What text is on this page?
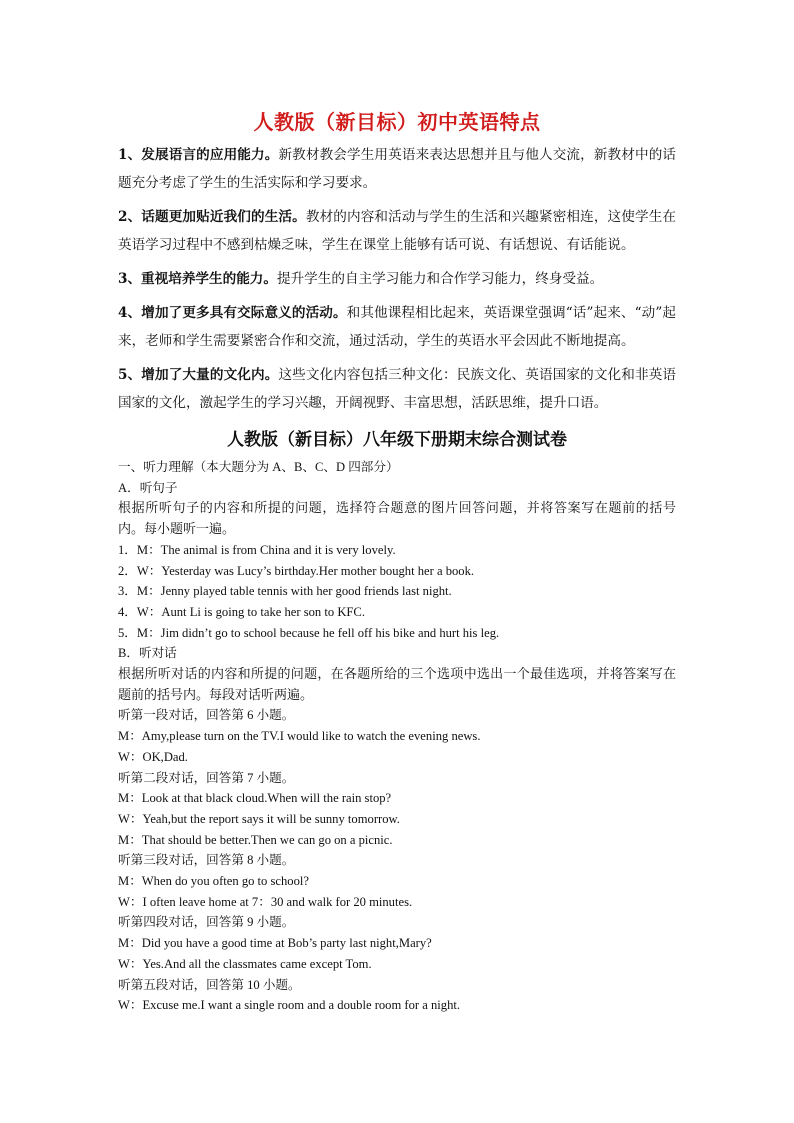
人教版（新目标）初中英语特点

1、发展语言的应用能力。新教材教会学生用英语来表达思想并且与他人交流，新教材中的话题充分考虑了学生的生活实际和学习要求。

2、话题更加贴近我们的生活。教材的内容和活动与学生的生活和兴趣紧密相连，这使学生在英语学习过程中不感到枯燥乏味，学生在课堂上能够有话可说、有话想说、有话能说。

3、重视培养学生的能力。提升学生的自主学习能力和合作学习能力，终身受益。

4、增加了更多具有交际意义的活动。和其他课程相比起来，英语课堂强调“话”起来、“动”起来，老师和学生需要紧密合作和交流，通过活动，学生的英语水平会因此不断地提高。

5、增加了大量的文化内。这些文化内容包括三种文化：民族文化、英语国家的文化和非英语国家的文化，激起学生的学习兴趣，开阔视野、丰富思想，活跃思维，提升口语。

人教版（新目标）八年级下册期末综合测试卷

一、听力理解（本大题分为 A、B、C、D 四部分）

A．听句子

根据所听句子的内容和所提的问题，选择符合题意的图片回答问题，并将答案写在题前的括号内。每小题听一遍。

1．M：The animal is from China and it is very lovely.

2．W：Yesterday was Lucy’s birthday.Her mother bought her a book.

3．M：Jenny played table tennis with her good friends last night.

4．W：Aunt Li is going to take her son to KFC.

5．M：Jim didn’t go to school because he fell off his bike and hurt his leg.

B．听对话

根据所听对话的内容和所提的问题，在各题所给的三个选项中选出一个最佳选项，并将答案写在题前的括号内。每段对话听两遍。

听第一段对话，回答第 6 小题。

M：Amy,please turn on the TV.I would like to watch the evening news.

W：OK,Dad.

听第二段对话，回答第 7 小题。

M：Look at that black cloud.When will the rain stop?

W：Yeah,but the report says it will be sunny tomorrow.

M：That should be better.Then we can go on a picnic.

听第三段对话，回答第 8 小题。

M：When do you often go to school?

W：I often leave home at 7：30 and walk for 20 minutes.

听第四段对话，回答第 9 小题。

M：Did you have a good time at Bob’s party last night,Mary?

W：Yes.And all the classmates came except Tom.

听第五段对话，回答第 10 小题。

W：Excuse me.I want a single room and a double room for a night.
